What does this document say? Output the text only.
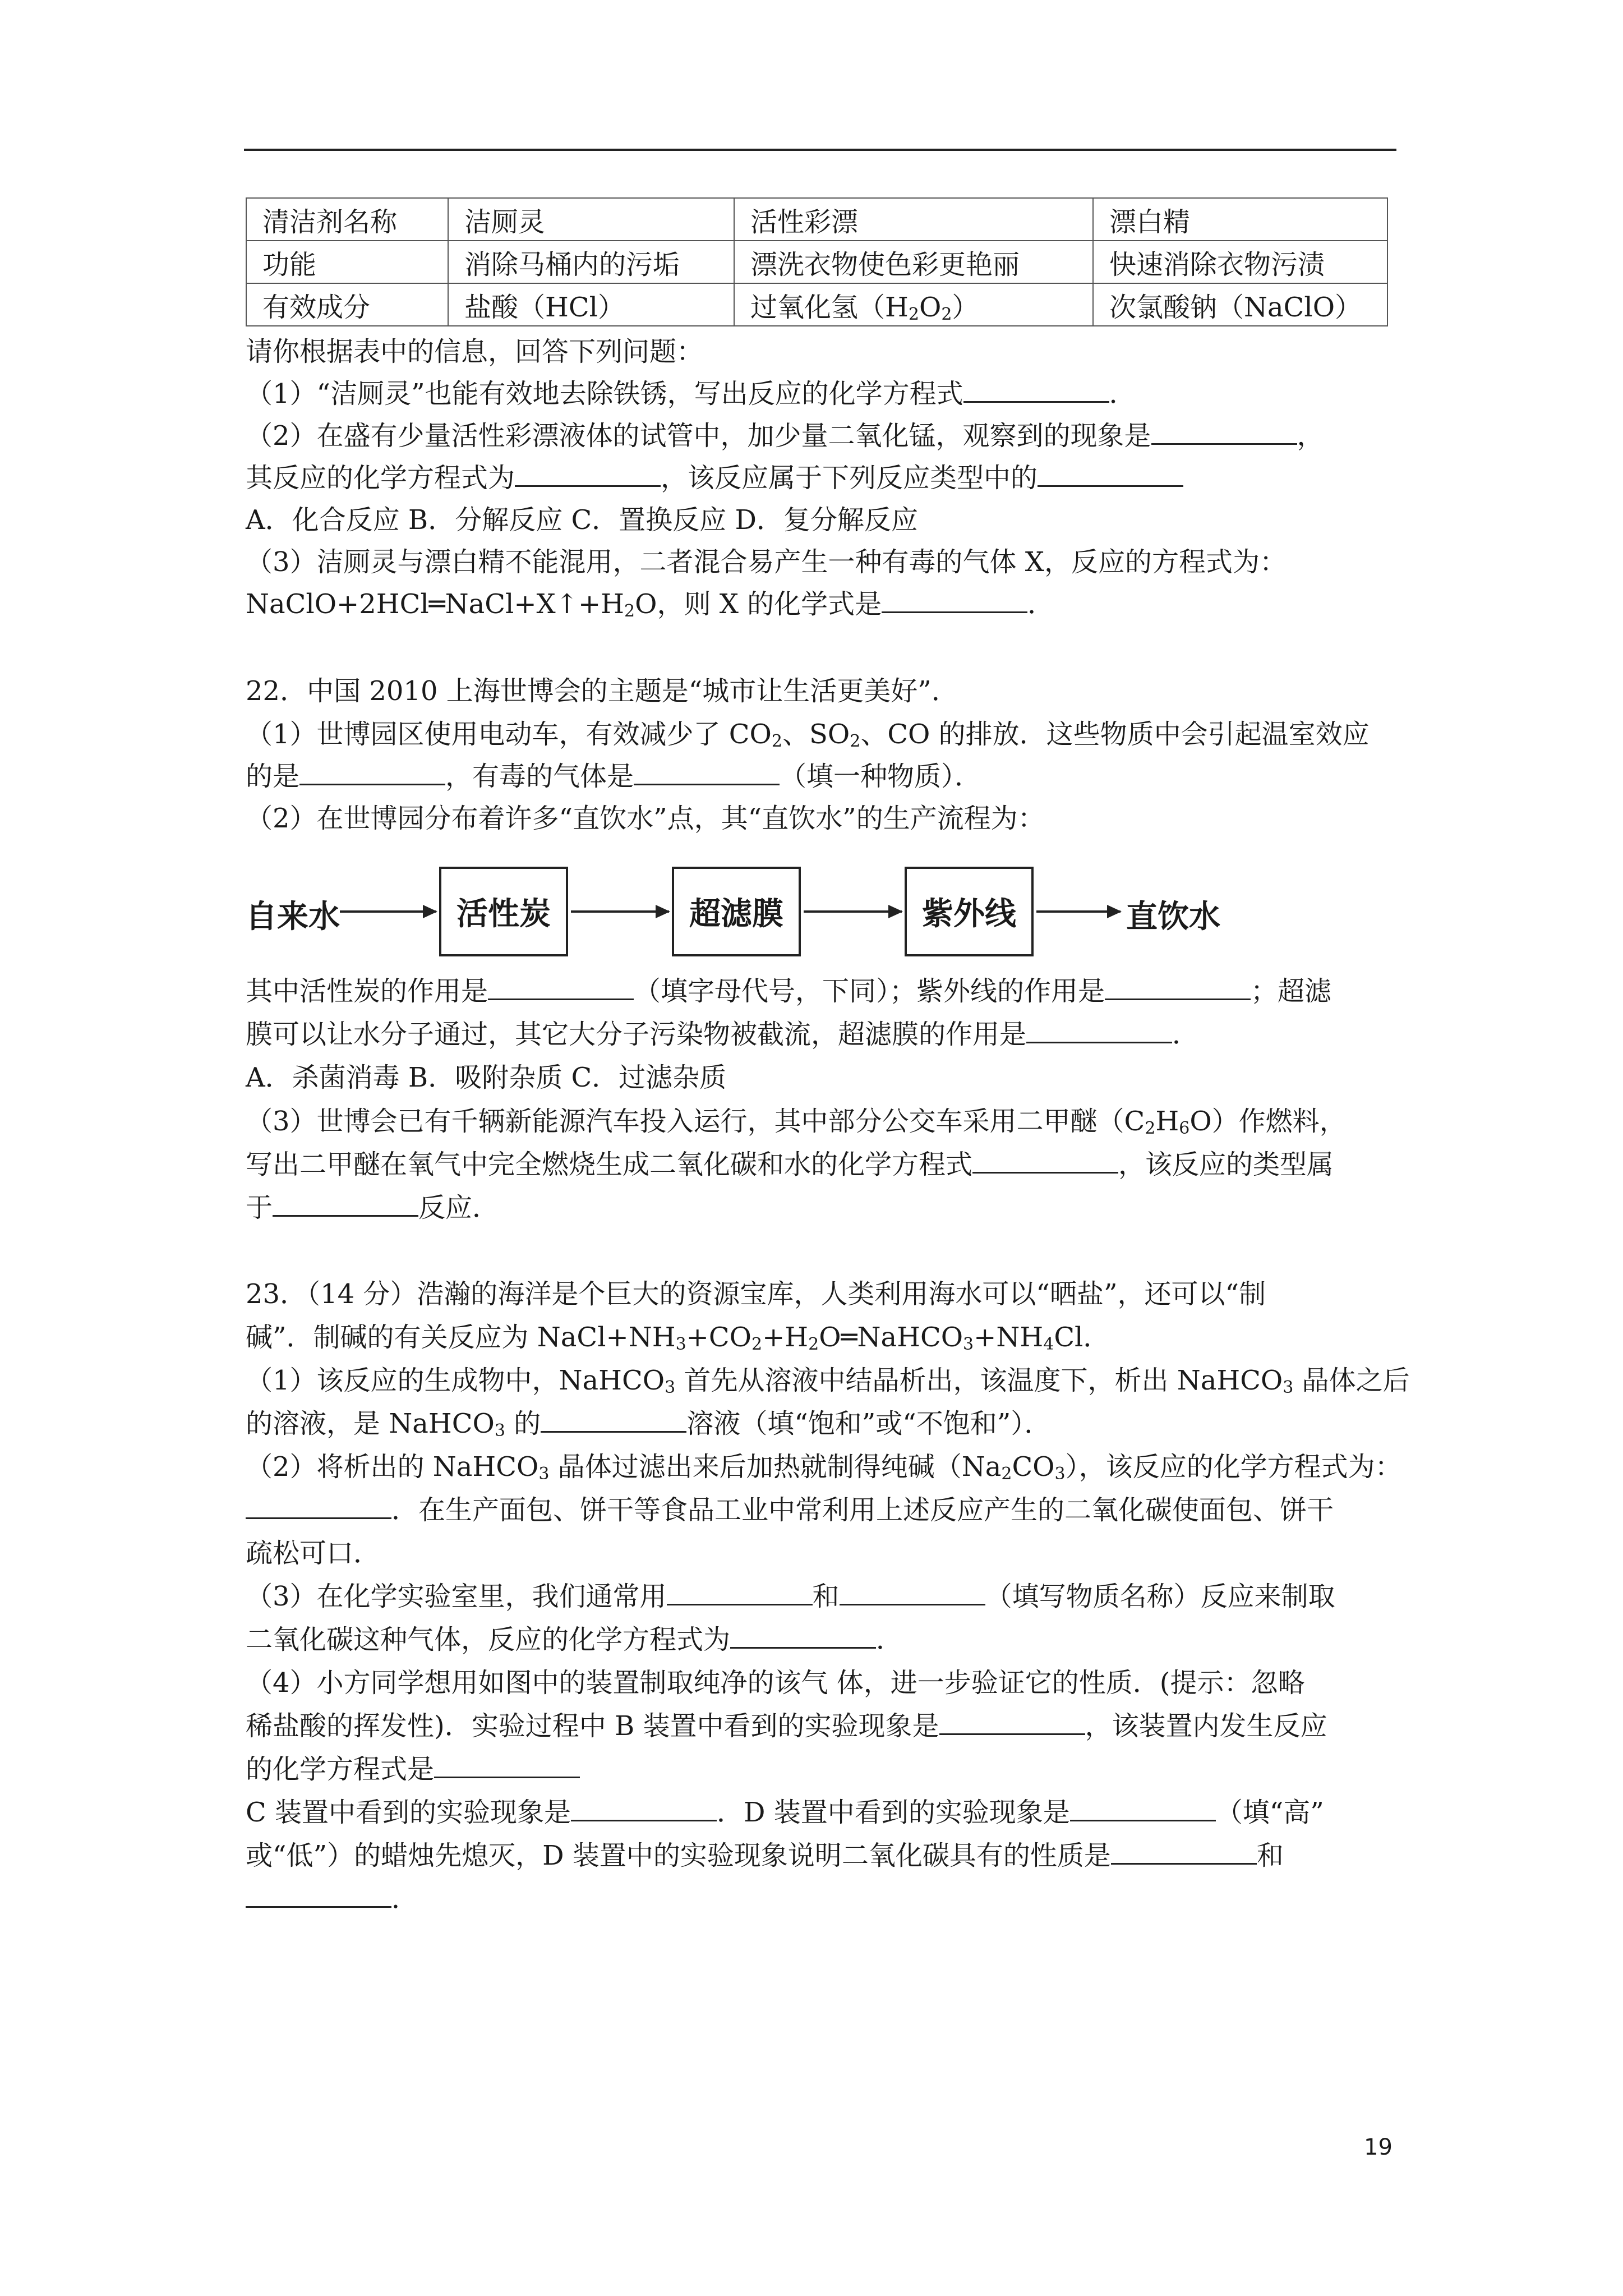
清洁剂名称	洁厕灵	活性彩漂	漂白精
功能	消除马桶内的污垢	漂洗衣物使色彩更艳丽	快速消除衣物污渍
有效成分	盐酸（HCl）	过氧化氢$(H_2O_2)$	次氯酸钠（NaClO）
请你根据表中的信息，回答下列问题：
（1）“洁厕灵”也能有效地去除铁锈，写出反应的化学方程式	．
（2）在盛有少量活性彩漂液体的试管中，加少量二氧化锰，观察到的现象是	，
其反应的化学方程式为	，该反应属于下列反应类型中的
A．化合反应 B．分解反应 C．置换反应 D．复分解反应
（3）洁厕灵与漂白精不能混用，二者混合易产生一种有毒的气体 X，反应的方程式为：
$NaClO+2HCl═NaCl+X↑+H_2O$，则 X 的化学式是	．
22．中国 2010 上海世博会的主题是“城市让生活更美好”．
（1）世博园区使用电动车，有效减少了 $CO_2$、$SO_2$、CO 的排放．这些物质中会引起温室效应
的是	，有毒的气体是	（填一种物质）．
（2）在世博园分布着许多“直饮水”点，其“直饮水”的生产流程为：
自来水	活性炭	超滤膜	紫外线	直饮水
其中活性炭的作用是	（填字母代号，下同）；紫外线的作用是	；超滤
膜可以让水分子通过，其它大分子污染物被截流，超滤膜的作用是	．
A．杀菌消毒 B．吸附杂质 C．过滤杂质
（3）世博会已有千辆新能源汽车投入运行，其中部分公交车采用二甲醚$(C_2H_6O)$作燃料，
写出二甲醚在氧气中完全燃烧生成二氧化碳和水的化学方程式	，该反应的类型属
于	反应．
23．（14 分）浩瀚的海洋是个巨大的资源宝库，人类利用海水可以“晒盐”，还可以“制
碱”．制碱的有关反应为 $NaCl+NH_3+CO_2+H_2O═NaHCO_3+NH_4Cl$．
（1）该反应的生成物中，NaHCO$_3$ 首先从溶液中结晶析出，该温度下，析出 NaHCO$_3$ 晶体之后
的溶液，是 NaHCO$_3$ 的	溶液（填“饱和”或“不饱和”）．
（2）将析出的 NaHCO$_3$ 晶体过滤出来后加热就制得纯碱$(Na_2CO_3)$，该反应的化学方程式为：
．在生产面包、饼干等食品工业中常利用上述反应产生的二氧化碳使面包、饼干
疏松可口．
（3）在化学实验室里，我们通常用	和	（填写物质名称）反应来制取
二氧化碳这种气体，反应的化学方程式为	．
（4）小方同学想用如图中的装置制取纯净的该气 体，进一步验证它的性质．(提示：忽略
稀盐酸的挥发性)．实验过程中 B 装置中看到的实验现象是	，该装置内发生反应
的化学方程式是
C 装置中看到的实验现象是	．D 装置中看到的实验现象是	（填“高”
或“低”）的蜡烛先熄灭，D 装置中的实验现象说明二氧化碳具有的性质是	和
．
19
